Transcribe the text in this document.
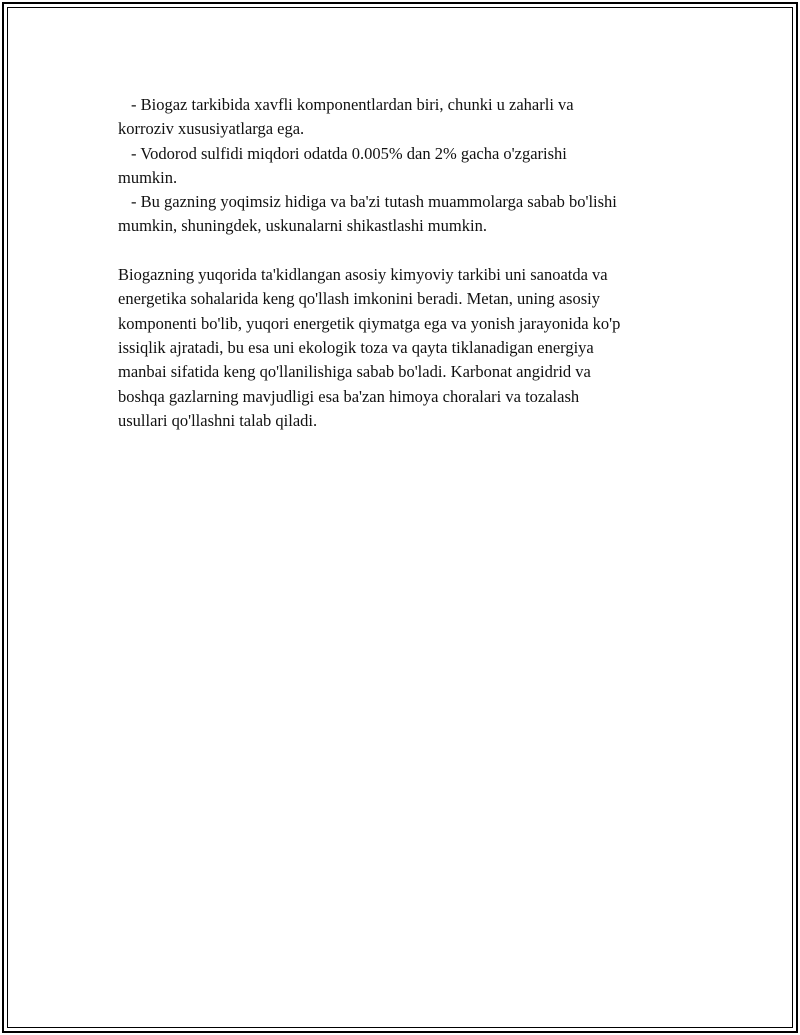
- Biogaz tarkibida xavfli komponentlardan biri, chunki u zaharli va
korroziv xususiyatlarga ega.
- Vodorod sulfidi miqdori odatda 0.005% dan 2% gacha o'zgarishi
mumkin.
- Bu gazning yoqimsiz hidiga va ba'zi tutash muammolarga sabab bo'lishi
mumkin, shuningdek, uskunalarni shikastlashi mumkin.
Biogazning yuqorida ta'kidlangan asosiy kimyoviy tarkibi uni sanoatda va
energetika sohalarida keng qo'llash imkonini beradi. Metan, uning asosiy
komponenti bo'lib, yuqori energetik qiymatga ega va yonish jarayonida ko'p
issiqlik ajratadi, bu esa uni ekologik toza va qayta tiklanadigan energiya
manbai sifatida keng qo'llanilishiga sabab bo'ladi. Karbonat angidrid va
boshqa gazlarning mavjudligi esa ba'zan himoya choralari va tozalash
usullari qo'llashni talab qiladi.
